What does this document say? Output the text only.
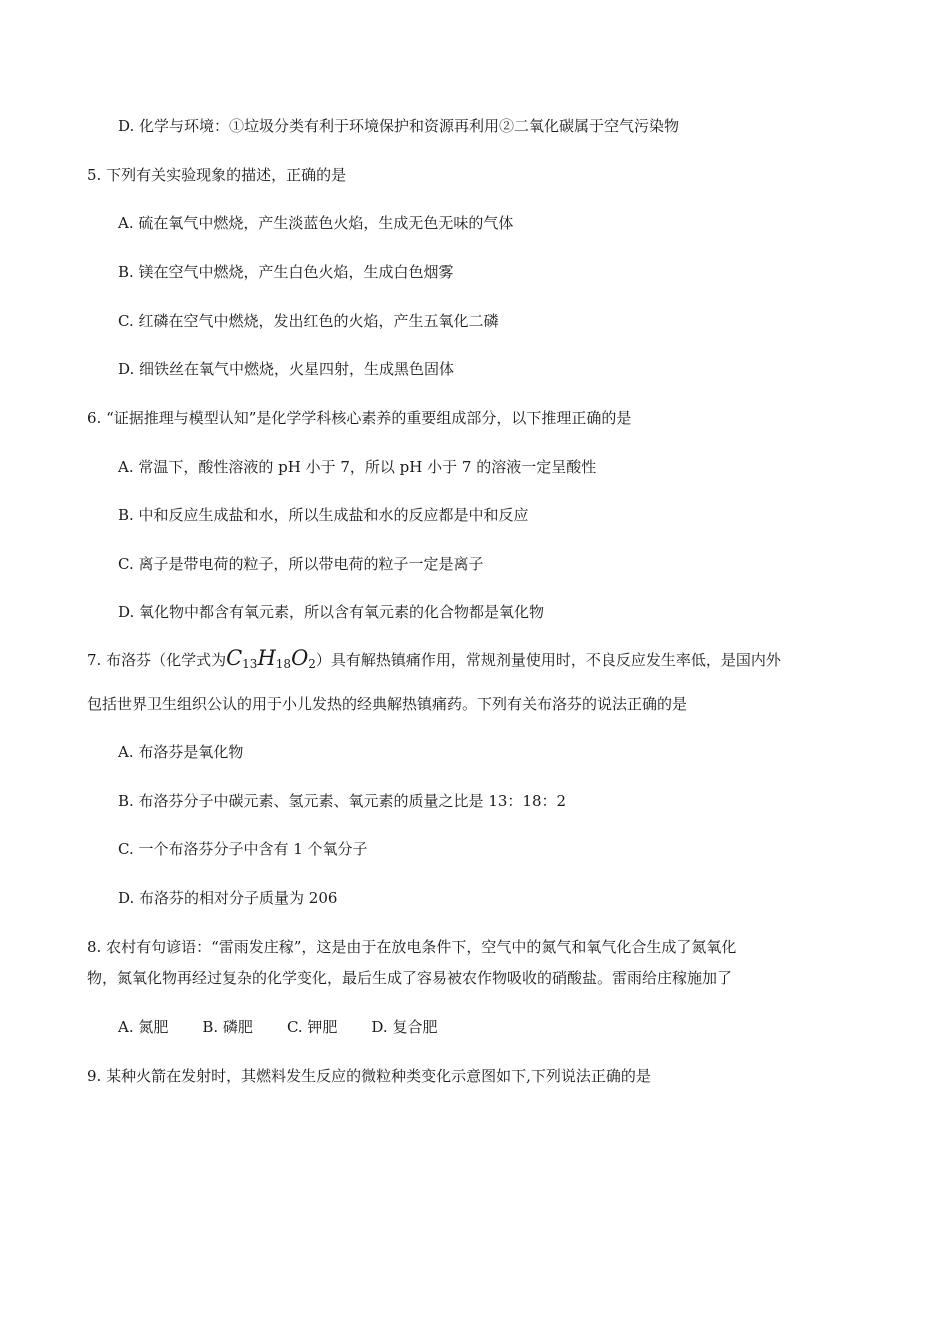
D. 化学与环境：①垃圾分类有利于环境保护和资源再利用②二氧化碳属于空气污染物
5. 下列有关实验现象的描述，正确的是
A. 硫在氧气中燃烧，产生淡蓝色火焰，生成无色无味的气体
B. 镁在空气中燃烧，产生白色火焰，生成白色烟雾
C. 红磷在空气中燃烧，发出红色的火焰，产生五氧化二磷
D. 细铁丝在氧气中燃烧，火星四射，生成黑色固体
6. “证据推理与模型认知”是化学学科核心素养的重要组成部分，以下推理正确的是
A. 常温下，酸性溶液的 pH 小于 7，所以 pH 小于 7 的溶液一定呈酸性
B. 中和反应生成盐和水，所以生成盐和水的反应都是中和反应
C. 离子是带电荷的粒子，所以带电荷的粒子一定是离子
D. 氧化物中都含有氧元素，所以含有氧元素的化合物都是氧化物
7. 布洛芬（化学式为$C_{13}H_{18}O_2$）具有解热镇痛作用，常规剂量使用时，不良反应发生率低，是国内外
包括世界卫生组织公认的用于小儿发热的经典解热镇痛药。下列有关布洛芬的说法正确的是
A. 布洛芬是氧化物
B. 布洛芬分子中碳元素、氢元素、氧元素的质量之比是 13：18：2
C. 一个布洛芬分子中含有 1 个氧分子
D. 布洛芬的相对分子质量为 206
8. 农村有句谚语：“雷雨发庄稼”，这是由于在放电条件下，空气中的氮气和氧气化合生成了氮氧化
物，氮氧化物再经过复杂的化学变化，最后生成了容易被农作物吸收的硝酸盐。雷雨给庄稼施加了
A. 氮肥 B. 磷肥 C. 钾肥 D. 复合肥
9. 某种火箭在发射时，其燃料发生反应的微粒种类变化示意图如下,下列说法正确的是
